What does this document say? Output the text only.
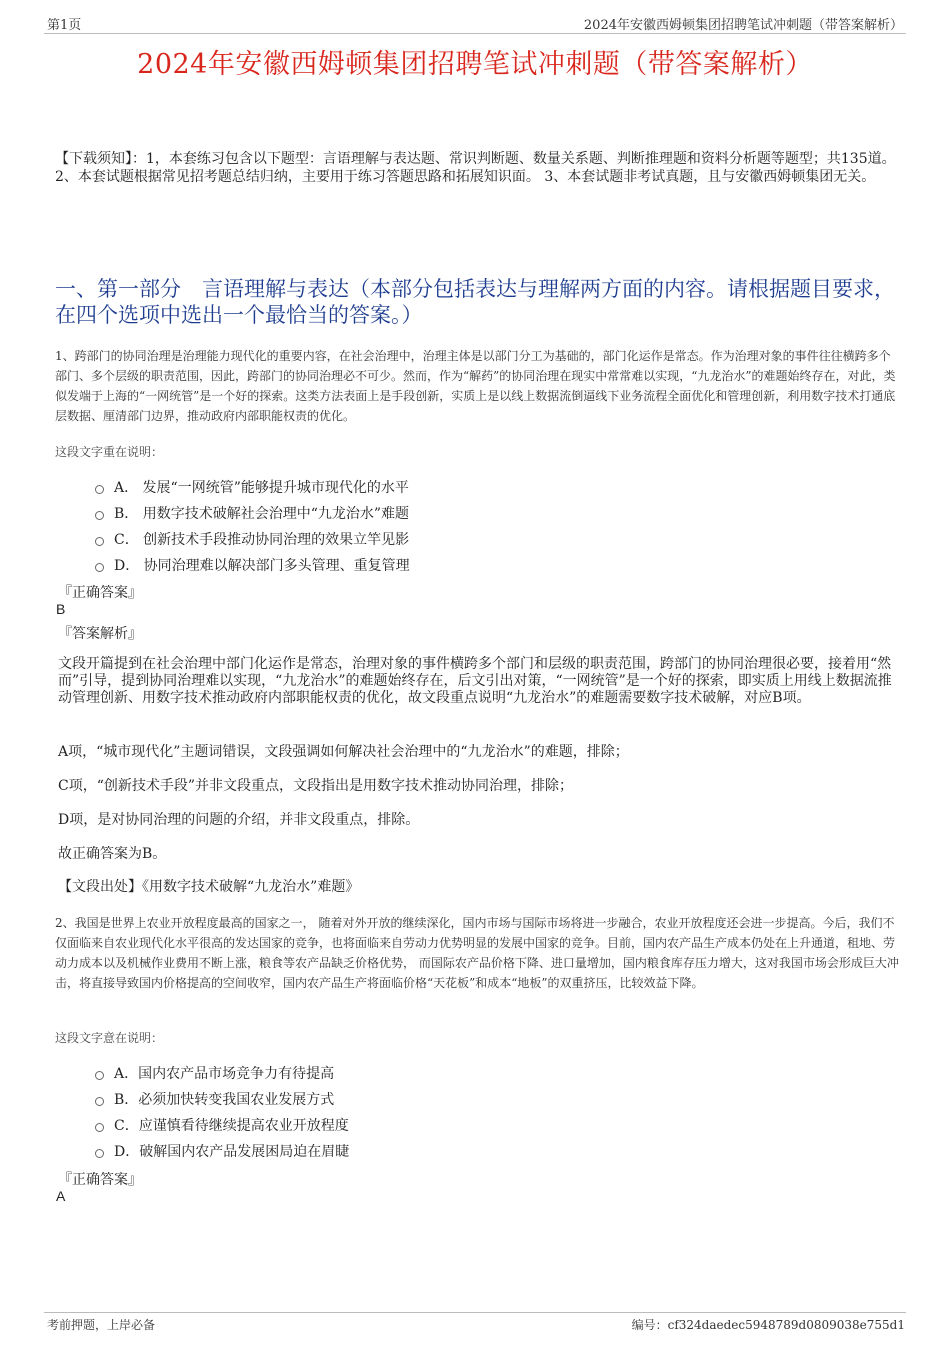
第1页	2024年安徽西姆顿集团招聘笔试冲刺题（带答案解析）
2024年安徽西姆顿集团招聘笔试冲刺题（带答案解析）
【下载须知】：1，本套练习包含以下题型：言语理解与表达题、常识判断题、数量关系题、判断推理题和资料分析题等题型；共135道。 2、本套试题根据常见招考题总结归纳，主要用于练习答题思路和拓展知识面。 3、本套试题非考试真题，且与安徽西姆顿集团无关。
一、第一部分　言语理解与表达（本部分包括表达与理解两方面的内容。请根据题目要求，在四个选项中选出一个最恰当的答案。）
1、跨部门的协同治理是治理能力现代化的重要内容，在社会治理中，治理主体是以部门分工为基础的，部门化运作是常态。作为治理对象的事件往往横跨多个部门、多个层级的职责范围，因此，跨部门的协同治理必不可少。然而，作为“解药”的协同治理在现实中常常难以实现，“九龙治水”的难题始终存在，对此，类似发端于上海的“一网统管”是一个好的探索。这类方法表面上是手段创新，实质上是以线上数据流倒逼线下业务流程全面优化和管理创新，利用数字技术打通底层数据、厘清部门边界，推动政府内部职能权责的优化。
这段文字重在说明：
A． 发展“一网统管”能够提升城市现代化的水平
B． 用数字技术破解社会治理中“九龙治水”难题
C． 创新技术手段推动协同治理的效果立竿见影
D． 协同治理难以解决部门多头管理、重复管理
『正确答案』
B
『答案解析』
文段开篇提到在社会治理中部门化运作是常态，治理对象的事件横跨多个部门和层级的职责范围，跨部门的协同治理很必要，接着用“然而”引导，提到协同治理难以实现，“九龙治水”的难题始终存在，后文引出对策，“一网统管”是一个好的探索，即实质上用线上数据流推动管理创新、用数字技术推动政府内部职能权责的优化，故文段重点说明“九龙治水”的难题需要数字技术破解，对应B项。
A项，“城市现代化”主题词错误，文段强调如何解决社会治理中的“九龙治水”的难题，排除；
C项，“创新技术手段”并非文段重点，文段指出是用数字技术推动协同治理，排除；
D项，是对协同治理的问题的介绍，并非文段重点，排除。
故正确答案为B。
【文段出处】《用数字技术破解“九龙治水”难题》
2、我国是世界上农业开放程度最高的国家之一， 随着对外开放的继续深化，国内市场与国际市场将进一步融合，农业开放程度还会进一步提高。今后，我们不仅面临来自农业现代化水平很高的发达国家的竞争，也将面临来自劳动力优势明显的发展中国家的竞争。目前，国内农产品生产成本仍处在上升通道，租地、劳动力成本以及机械作业费用不断上涨，粮食等农产品缺乏价格优势， 而国际农产品价格下降、进口量增加，国内粮食库存压力增大，这对我国市场会形成巨大冲击，将直接导致国内价格提高的空间收窄，国内农产品生产将面临价格“天花板”和成本“地板”的双重挤压，比较效益下降。
这段文字意在说明：
A．国内农产品市场竞争力有待提高
B．必须加快转变我国农业发展方式
C．应谨慎看待继续提高农业开放程度
D．破解国内农产品发展困局迫在眉睫
『正确答案』
A
考前押题，上岸必备	编号：cf324daedec5948789d0809038e755d1
